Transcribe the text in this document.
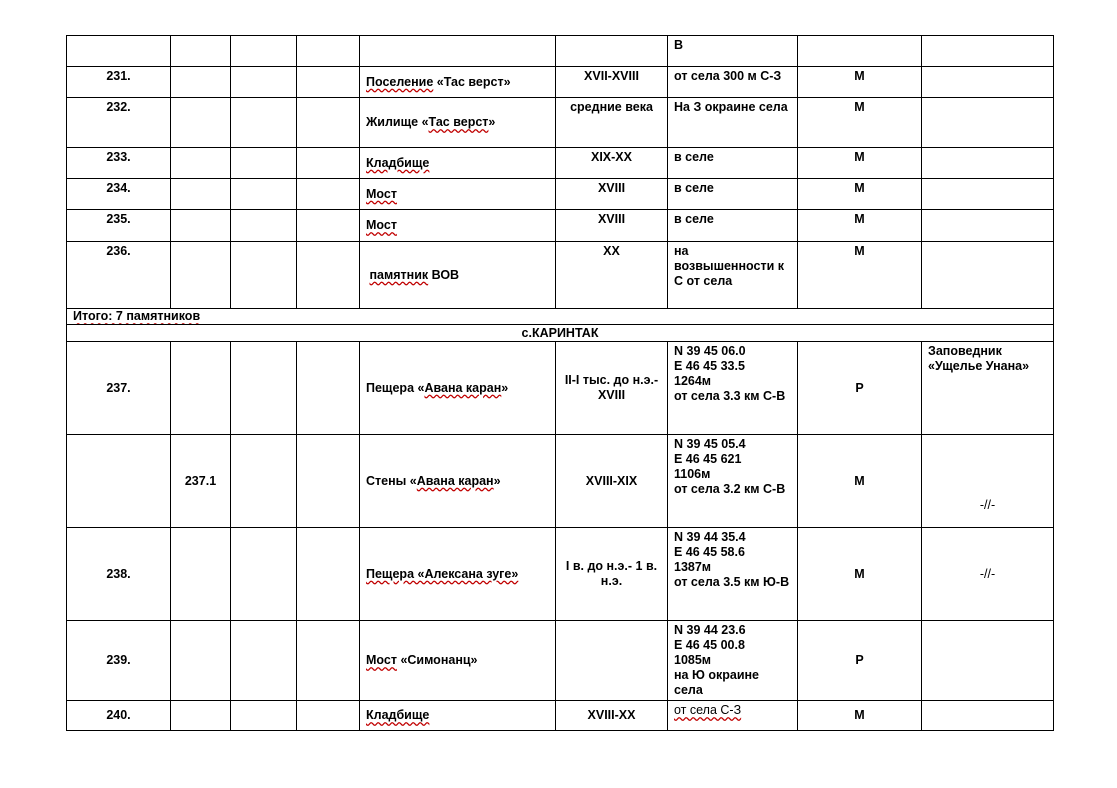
						В		
231.				Поселение «Тас верст»	XVII-XVIII	от села 300 м С-З	М	
232.				Жилище «Тас верст»	средние века	На З окраине села	М	
233.				Кладбище	XIX-XX	в селе	М	
234.				Мост	XVIII	в селе	М	
235.				Мост	XVIII	в селе	М	
236.				памятник ВОВ	XX	на возвышенности к С от села	М	
Итого: 7 памятников								
с.КАРИНТАК								
237.				Пещера «Авана каран»	II-I тыс. до н.э.-XVIII	N 39 45 06.0
E 46 45 33.5
1264м
от села 3.3 км С-В	Р	Заповедник «Ущелье Унана»
	237.1			Стены «Авана каран»	XVIII-XIX	N 39 45 05.4
E 46 45 621
1106м
от села 3.2 км С-В	М	-//-
238.				Пещера «Алексана зуге»	I в. до н.э.- 1 в. н.э.	N 39 44 35.4
E 46 45 58.6
1387м
от села 3.5 км Ю-В	М	-//-
239.				Мост «Симонанц»		N 39 44 23.6
E 46 45 00.8
1085м
на Ю окраине села	Р	
240.				Кладбище	XVIII-XX	от села С-З	М	
